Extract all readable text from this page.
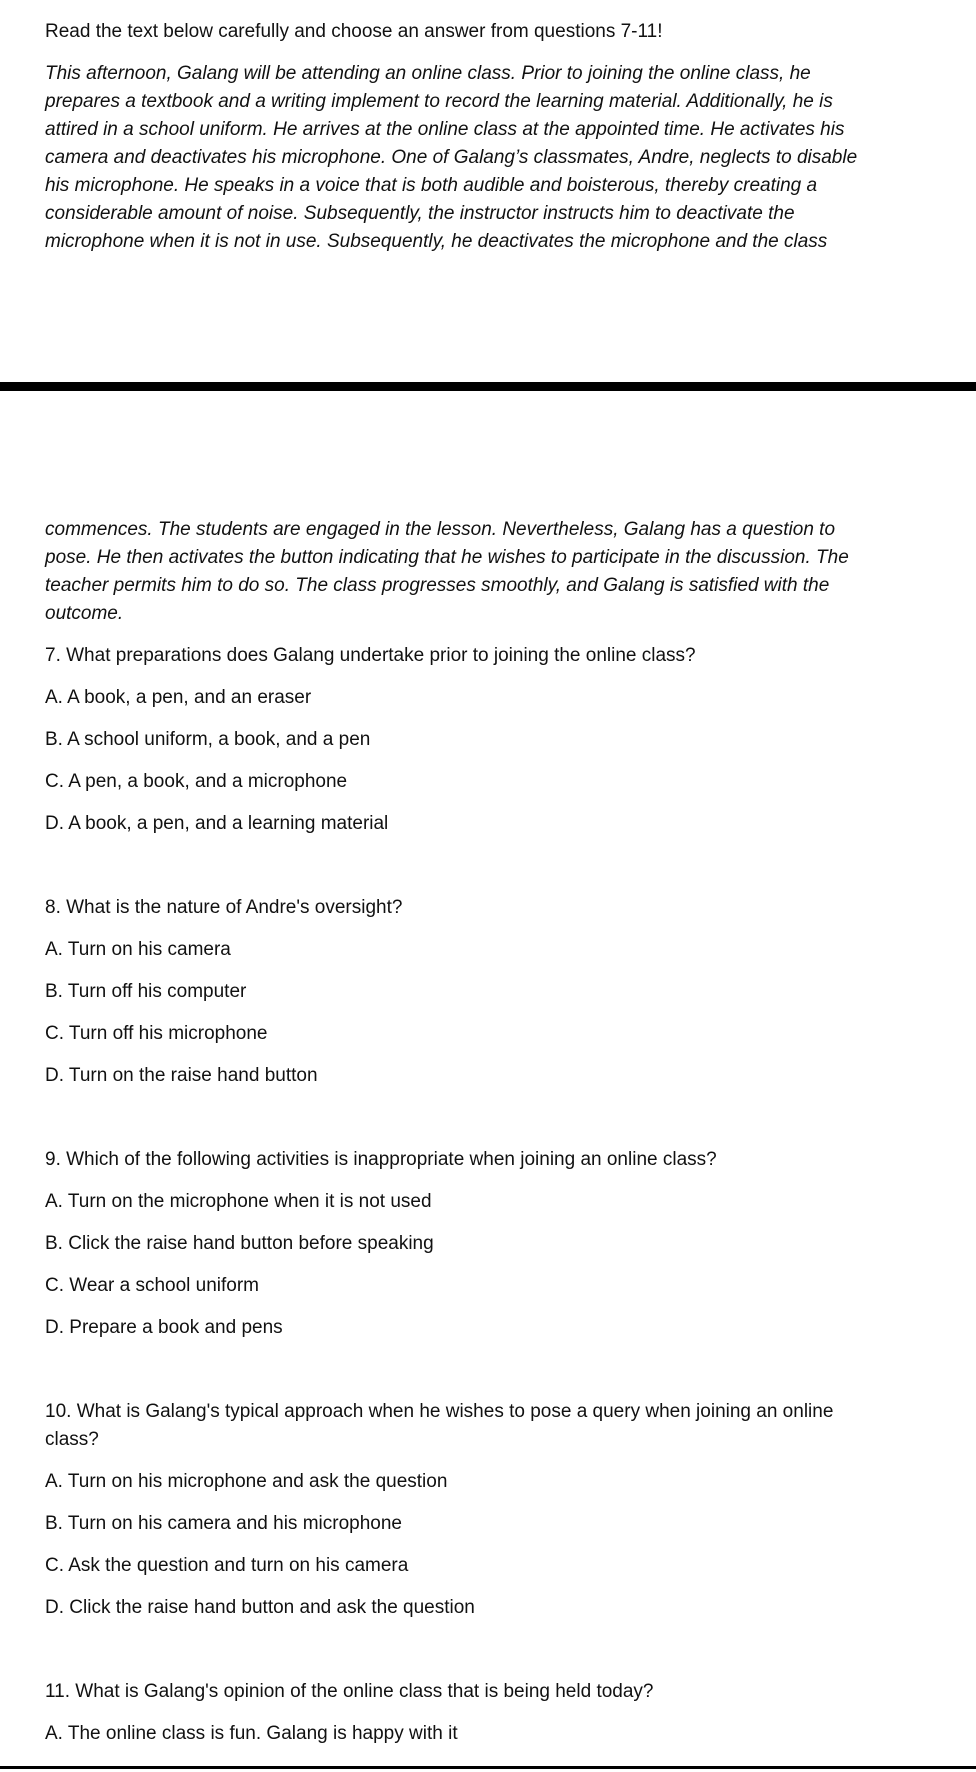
Read the text below carefully and choose an answer from questions 7-11!

This afternoon, Galang will be attending an online class. Prior to joining the online class, he prepares a textbook and a writing implement to record the learning material. Additionally, he is attired in a school uniform. He arrives at the online class at the appointed time. He activates his camera and deactivates his microphone. One of Galang’s classmates, Andre, neglects to disable his microphone. He speaks in a voice that is both audible and boisterous, thereby creating a considerable amount of noise. Subsequently, the instructor instructs him to deactivate the microphone when it is not in use. Subsequently, he deactivates the microphone and the class

commences. The students are engaged in the lesson. Nevertheless, Galang has a question to pose. He then activates the button indicating that he wishes to participate in the discussion. The teacher permits him to do so. The class progresses smoothly, and Galang is satisfied with the outcome.

7. What preparations does Galang undertake prior to joining the online class?

A. A book, a pen, and an eraser

B. A school uniform, a book, and a pen

C. A pen, a book, and a microphone

D. A book, a pen, and a learning material

8. What is the nature of Andre's oversight?

A. Turn on his camera

B. Turn off his computer

C. Turn off his microphone

D. Turn on the raise hand button

9. Which of the following activities is inappropriate when joining an online class?

A. Turn on the microphone when it is not used

B. Click the raise hand button before speaking

C. Wear a school uniform

D. Prepare a book and pens

10. What is Galang's typical approach when he wishes to pose a query when joining an online class?

A. Turn on his microphone and ask the question

B. Turn on his camera and his microphone

C. Ask the question and turn on his camera

D. Click the raise hand button and ask the question

11. What is Galang's opinion of the online class that is being held today?

A. The online class is fun. Galang is happy with it
